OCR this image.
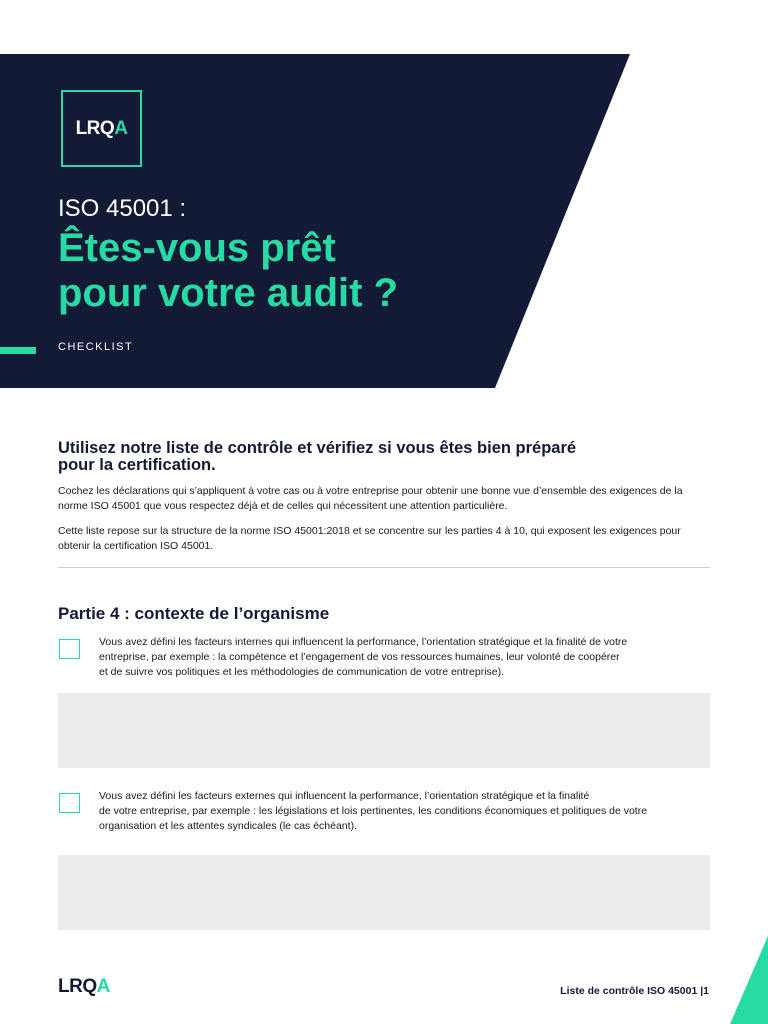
LRQ A
ISO 45001 :
Êtes-vous prêt
pour votre audit ?
CHECKLIST
Utilisez notre liste de contrôle et vérifiez si vous êtes bien préparé
pour la certification.

Cochez les déclarations qui s’appliquent à votre cas ou à votre entreprise pour obtenir une bonne vue d’ensemble des exigences de la norme ISO 45001 que vous respectez déjà et de celles qui nécessitent une attention particulière.

Cette liste repose sur la structure de la norme ISO 45001:2018 et se concentre sur les parties 4 à 10, qui exposent les exigences pour obtenir la certification ISO 45001.

Partie 4 : contexte de l’organisme

Vous avez défini les facteurs internes qui influencent la performance, l’orientation stratégique et la finalité de votre
entreprise, par exemple : la compétence et l’engagement de vos ressources humaines, leur volonté de coopérer
et de suivre vos politiques et les méthodologies de communication de votre entreprise).

Vous avez défini les facteurs externes qui influencent la performance, l’orientation stratégique et la finalité
de votre entreprise, par exemple : les législations et lois pertinentes, les conditions économiques et politiques de votre
organisation et les attentes syndicales (le cas échéant).

LRQA	Liste de contrôle ISO 45001 |1
